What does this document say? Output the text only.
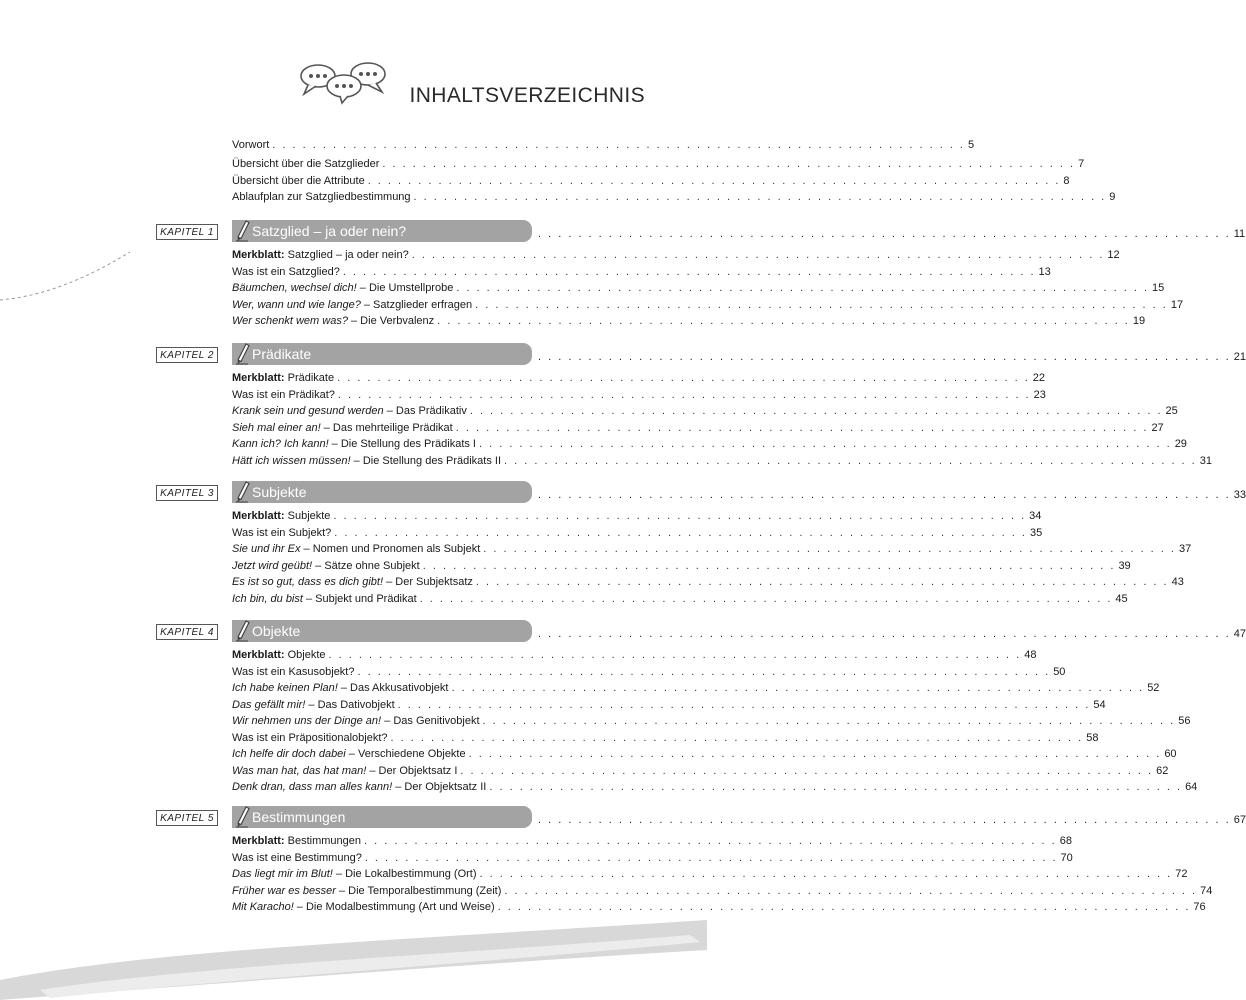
INHALTSVERZEICHNIS
Vorwort . . . . . . . . . . . . . . . . . . . . . . . . . . . . . . . . . . . . . . . . . . . . . . . . . . . . . . . . . . . . . . . . . . . . . 5
Übersicht über die Satzglieder . . . . . . . . . . . . . . . . . . . . . . . . . . . . . . . . . . . . . . . . . . . . . . . . . . . . . . . . . . . . . . . . . . . . . 7
Übersicht über die Attribute . . . . . . . . . . . . . . . . . . . . . . . . . . . . . . . . . . . . . . . . . . . . . . . . . . . . . . . . . . . . . . . . . . . . . 8
Ablaufplan zur Satzgliedbestimmung . . . . . . . . . . . . . . . . . . . . . . . . . . . . . . . . . . . . . . . . . . . . . . . . . . . . . . . . . . . . . . . . . . . . . 9
KAPITEL 1	Satzglied – ja oder nein?	. . . . . . . . . . . . . . . . . . . . . . . . . . . . . . . . . . . . . . . . . . . . . . . . . . . . . . . . . . . . . . . . . . . . . 11
Merkblatt: Satzglied – ja oder nein? . . . . . . . . . . . . . . . . . . . . . . . . . . . . . . . . . . . . . . . . . . . . . . . . . . . . . . . . . . . . . . . . . . . . . 12
Was ist ein Satzglied? . . . . . . . . . . . . . . . . . . . . . . . . . . . . . . . . . . . . . . . . . . . . . . . . . . . . . . . . . . . . . . . . . . . . . 13
Bäumchen, wechsel dich! – Die Umstellprobe . . . . . . . . . . . . . . . . . . . . . . . . . . . . . . . . . . . . . . . . . . . . . . . . . . . . . . . . . . . . . . . . . . . . . 15
Wer, wann und wie lange? – Satzglieder erfragen . . . . . . . . . . . . . . . . . . . . . . . . . . . . . . . . . . . . . . . . . . . . . . . . . . . . . . . . . . . . . . . . . . . . . 17
Wer schenkt wem was? – Die Verbvalenz . . . . . . . . . . . . . . . . . . . . . . . . . . . . . . . . . . . . . . . . . . . . . . . . . . . . . . . . . . . . . . . . . . . . . 19
KAPITEL 2	Prädikate	. . . . . . . . . . . . . . . . . . . . . . . . . . . . . . . . . . . . . . . . . . . . . . . . . . . . . . . . . . . . . . . . . . . . . 21
Merkblatt: Prädikate . . . . . . . . . . . . . . . . . . . . . . . . . . . . . . . . . . . . . . . . . . . . . . . . . . . . . . . . . . . . . . . . . . . . . 22
Was ist ein Prädikat? . . . . . . . . . . . . . . . . . . . . . . . . . . . . . . . . . . . . . . . . . . . . . . . . . . . . . . . . . . . . . . . . . . . . . 23
Krank sein und gesund werden – Das Prädikativ . . . . . . . . . . . . . . . . . . . . . . . . . . . . . . . . . . . . . . . . . . . . . . . . . . . . . . . . . . . . . . . . . . . . . 25
Sieh mal einer an! – Das mehrteilige Prädikat . . . . . . . . . . . . . . . . . . . . . . . . . . . . . . . . . . . . . . . . . . . . . . . . . . . . . . . . . . . . . . . . . . . . . 27
Kann ich? Ich kann! – Die Stellung des Prädikats I . . . . . . . . . . . . . . . . . . . . . . . . . . . . . . . . . . . . . . . . . . . . . . . . . . . . . . . . . . . . . . . . . . . . . 29
Hätt ich wissen müssen! – Die Stellung des Prädikats II . . . . . . . . . . . . . . . . . . . . . . . . . . . . . . . . . . . . . . . . . . . . . . . . . . . . . . . . . . . . . . . . . . . . . 31
KAPITEL 3	Subjekte	. . . . . . . . . . . . . . . . . . . . . . . . . . . . . . . . . . . . . . . . . . . . . . . . . . . . . . . . . . . . . . . . . . . . . 33
Merkblatt: Subjekte . . . . . . . . . . . . . . . . . . . . . . . . . . . . . . . . . . . . . . . . . . . . . . . . . . . . . . . . . . . . . . . . . . . . . 34
Was ist ein Subjekt? . . . . . . . . . . . . . . . . . . . . . . . . . . . . . . . . . . . . . . . . . . . . . . . . . . . . . . . . . . . . . . . . . . . . . 35
Sie und ihr Ex – Nomen und Pronomen als Subjekt . . . . . . . . . . . . . . . . . . . . . . . . . . . . . . . . . . . . . . . . . . . . . . . . . . . . . . . . . . . . . . . . . . . . . 37
Jetzt wird geübt! – Sätze ohne Subjekt . . . . . . . . . . . . . . . . . . . . . . . . . . . . . . . . . . . . . . . . . . . . . . . . . . . . . . . . . . . . . . . . . . . . . 39
Es ist so gut, dass es dich gibt! – Der Subjektsatz . . . . . . . . . . . . . . . . . . . . . . . . . . . . . . . . . . . . . . . . . . . . . . . . . . . . . . . . . . . . . . . . . . . . . 43
Ich bin, du bist – Subjekt und Prädikat . . . . . . . . . . . . . . . . . . . . . . . . . . . . . . . . . . . . . . . . . . . . . . . . . . . . . . . . . . . . . . . . . . . . . 45
KAPITEL 4	Objekte	. . . . . . . . . . . . . . . . . . . . . . . . . . . . . . . . . . . . . . . . . . . . . . . . . . . . . . . . . . . . . . . . . . . . . 47
Merkblatt: Objekte . . . . . . . . . . . . . . . . . . . . . . . . . . . . . . . . . . . . . . . . . . . . . . . . . . . . . . . . . . . . . . . . . . . . . 48
Was ist ein Kasusobjekt? . . . . . . . . . . . . . . . . . . . . . . . . . . . . . . . . . . . . . . . . . . . . . . . . . . . . . . . . . . . . . . . . . . . . . 50
Ich habe keinen Plan! – Das Akkusativobjekt . . . . . . . . . . . . . . . . . . . . . . . . . . . . . . . . . . . . . . . . . . . . . . . . . . . . . . . . . . . . . . . . . . . . . 52
Das gefällt mir! – Das Dativobjekt . . . . . . . . . . . . . . . . . . . . . . . . . . . . . . . . . . . . . . . . . . . . . . . . . . . . . . . . . . . . . . . . . . . . . 54
Wir nehmen uns der Dinge an! – Das Genitivobjekt . . . . . . . . . . . . . . . . . . . . . . . . . . . . . . . . . . . . . . . . . . . . . . . . . . . . . . . . . . . . . . . . . . . . . 56
Was ist ein Präpositionalobjekt? . . . . . . . . . . . . . . . . . . . . . . . . . . . . . . . . . . . . . . . . . . . . . . . . . . . . . . . . . . . . . . . . . . . . . 58
Ich helfe dir doch dabei – Verschiedene Objekte . . . . . . . . . . . . . . . . . . . . . . . . . . . . . . . . . . . . . . . . . . . . . . . . . . . . . . . . . . . . . . . . . . . . . 60
Was man hat, das hat man! – Der Objektsatz I . . . . . . . . . . . . . . . . . . . . . . . . . . . . . . . . . . . . . . . . . . . . . . . . . . . . . . . . . . . . . . . . . . . . . 62
Denk dran, dass man alles kann! – Der Objektsatz II . . . . . . . . . . . . . . . . . . . . . . . . . . . . . . . . . . . . . . . . . . . . . . . . . . . . . . . . . . . . . . . . . . . . . 64
KAPITEL 5	Bestimmungen	. . . . . . . . . . . . . . . . . . . . . . . . . . . . . . . . . . . . . . . . . . . . . . . . . . . . . . . . . . . . . . . . . . . . . 67
Merkblatt: Bestimmungen . . . . . . . . . . . . . . . . . . . . . . . . . . . . . . . . . . . . . . . . . . . . . . . . . . . . . . . . . . . . . . . . . . . . . 68
Was ist eine Bestimmung? . . . . . . . . . . . . . . . . . . . . . . . . . . . . . . . . . . . . . . . . . . . . . . . . . . . . . . . . . . . . . . . . . . . . . 70
Das liegt mir im Blut! – Die Lokalbestimmung (Ort) . . . . . . . . . . . . . . . . . . . . . . . . . . . . . . . . . . . . . . . . . . . . . . . . . . . . . . . . . . . . . . . . . . . . . 72
Früher war es besser – Die Temporalbestimmung (Zeit) . . . . . . . . . . . . . . . . . . . . . . . . . . . . . . . . . . . . . . . . . . . . . . . . . . . . . . . . . . . . . . . . . . . . . 74
Mit Karacho! – Die Modalbestimmung (Art und Weise) . . . . . . . . . . . . . . . . . . . . . . . . . . . . . . . . . . . . . . . . . . . . . . . . . . . . . . . . . . . . . . . . . . . . . 76
